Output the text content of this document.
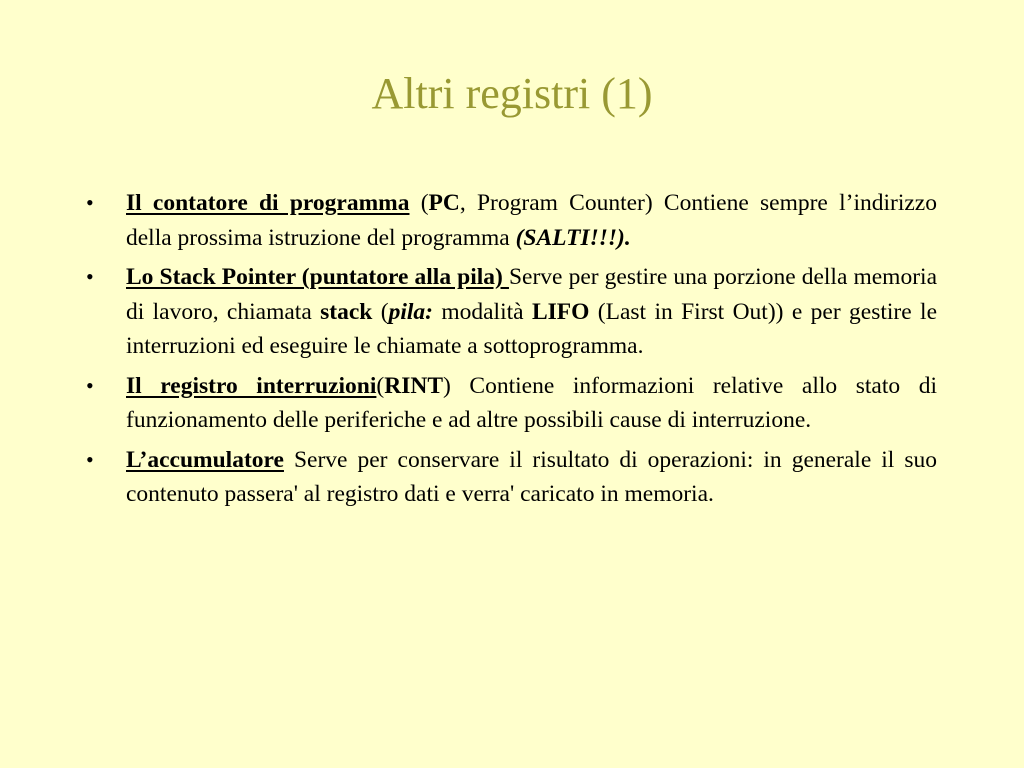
Altri registri (1)
•	Il contatore di programma (PC, Program Counter) Contiene sempre l’indirizzo della prossima istruzione del programma (SALTI!!!).
•	Lo Stack Pointer (puntatore alla pila) Serve per gestire una porzione della memoria di lavoro, chiamata stack (pila: modalità LIFO (Last in First Out)) e per gestire le interruzioni ed eseguire le chiamate a sottoprogramma.
•	Il registro interruzioni(RINT) Contiene informazioni relative allo stato di funzionamento delle periferiche e ad altre possibili cause di interruzione.
•	L’accumulatore Serve per conservare il risultato di operazioni: in generale il suo contenuto passera' al registro dati e verra' caricato in memoria.
